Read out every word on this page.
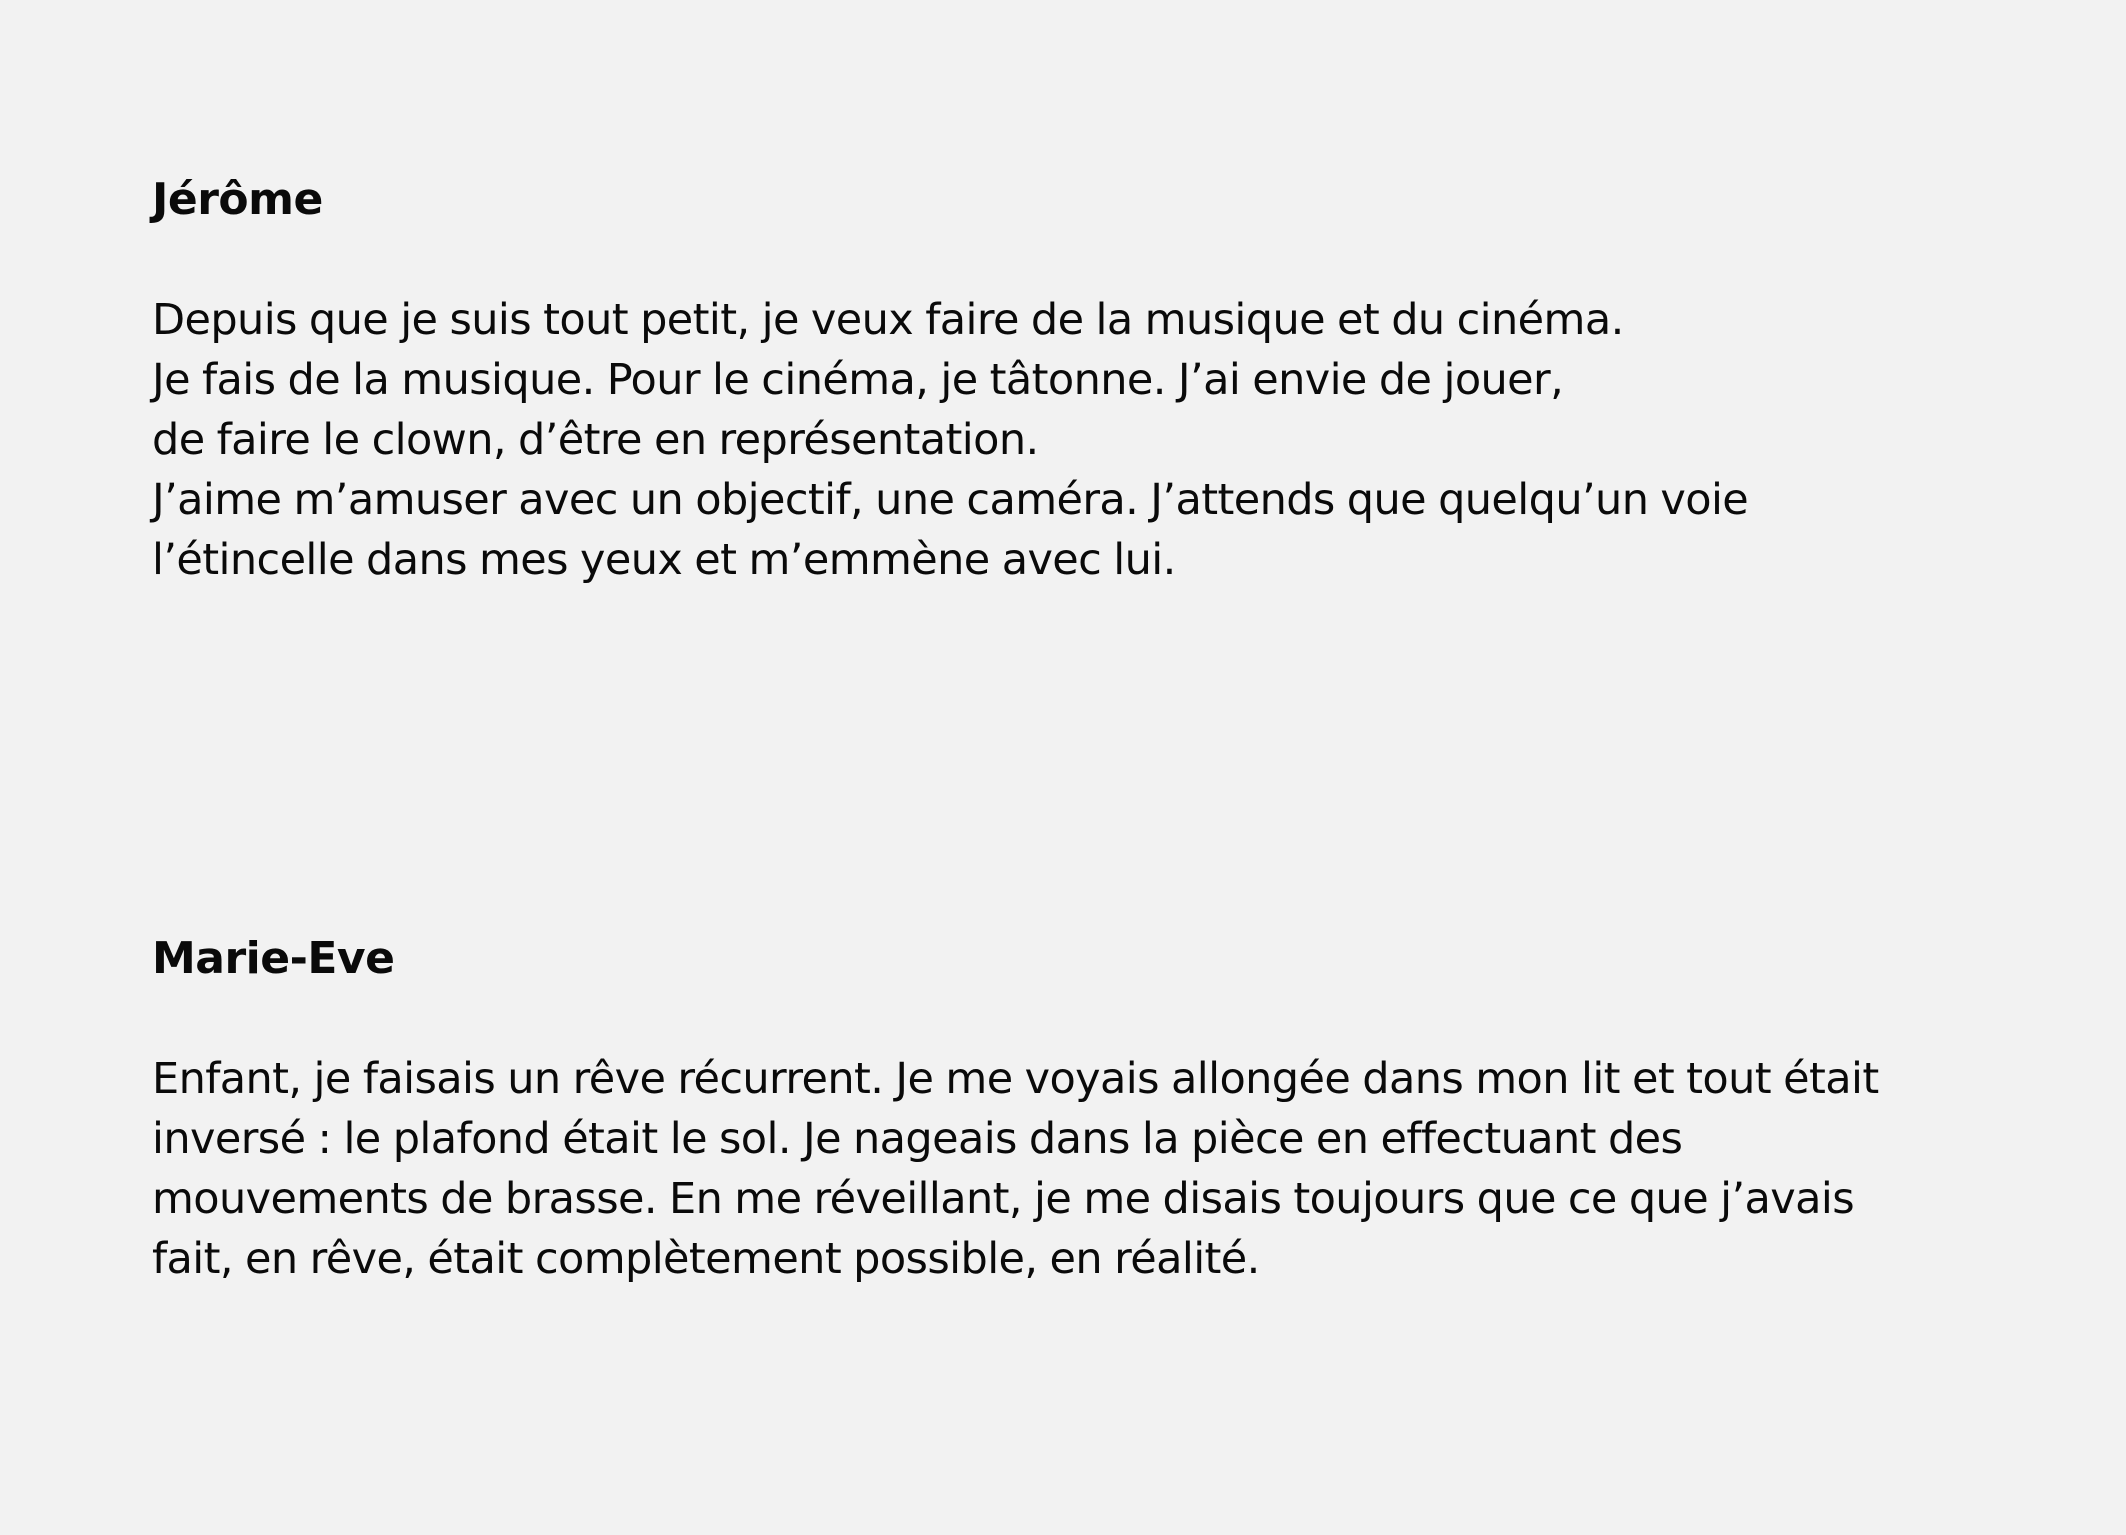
Jérôme

Depuis que je suis tout petit, je veux faire de la musique et du cinéma.
Je fais de la musique. Pour le cinéma, je tâtonne. J’ai envie de jouer,
de faire le clown, d’être en représentation.
J’aime m’amuser avec un objectif, une caméra. J’attends que quelqu’un voie
l’étincelle dans mes yeux et m’emmène avec lui.

Marie-Eve

Enfant, je faisais un rêve récurrent. Je me voyais allongée dans mon lit et tout était
inversé : le plafond était le sol. Je nageais dans la pièce en effectuant des
mouvements de brasse. En me réveillant, je me disais toujours que ce que j’avais
fait, en rêve, était complètement possible, en réalité.
